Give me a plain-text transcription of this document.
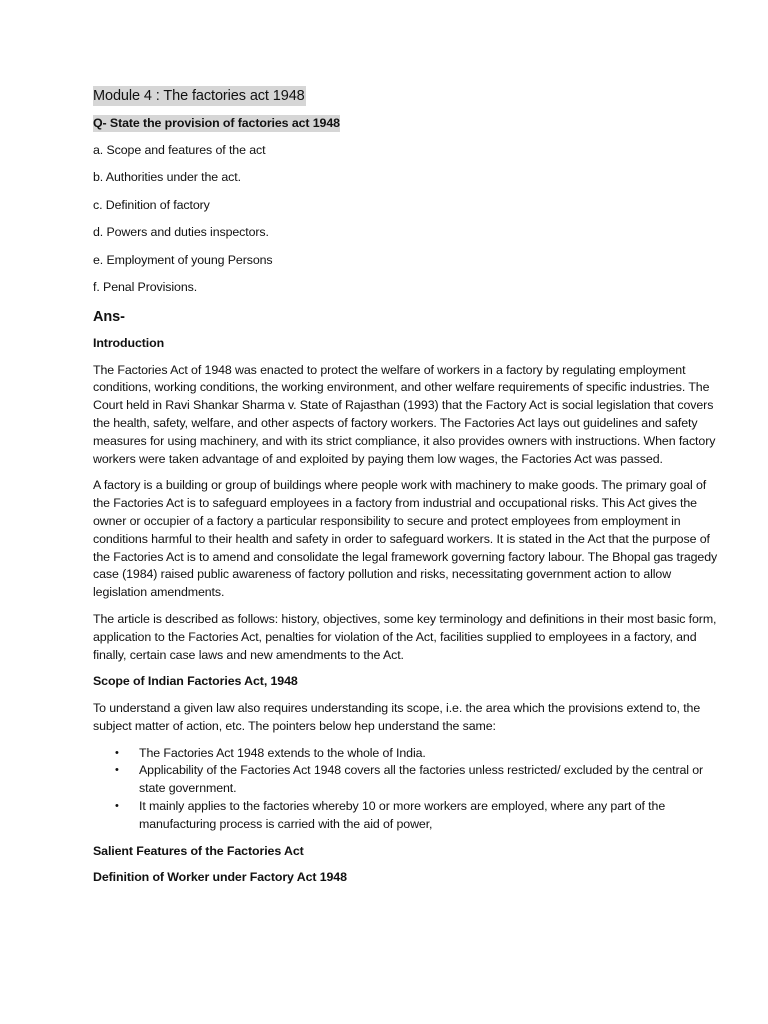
Module 4 : The factories act 1948
Q- State the provision of factories act 1948

a. Scope and features of the act

b. Authorities under the act.

c. Definition of factory

d. Powers and duties inspectors.

e. Employment of young Persons

f. Penal Provisions.

Ans-
Introduction

The Factories Act of 1948 was enacted to protect the welfare of workers in a factory by regulating employment conditions, working conditions, the working environment, and other welfare requirements of specific industries. The Court held in Ravi Shankar Sharma v. State of Rajasthan (1993) that the Factory Act is social legislation that covers the health, safety, welfare, and other aspects of factory workers. The Factories Act lays out guidelines and safety measures for using machinery, and with its strict compliance, it also provides owners with instructions. When factory workers were taken advantage of and exploited by paying them low wages, the Factories Act was passed.

A factory is a building or group of buildings where people work with machinery to make goods. The primary goal of the Factories Act is to safeguard employees in a factory from industrial and occupational risks. This Act gives the owner or occupier of a factory a particular responsibility to secure and protect employees from employment in conditions harmful to their health and safety in order to safeguard workers. It is stated in the Act that the purpose of the Factories Act is to amend and consolidate the legal framework governing factory labour. The Bhopal gas tragedy case (1984) raised public awareness of factory pollution and risks, necessitating government action to allow legislation amendments.

The article is described as follows: history, objectives, some key terminology and definitions in their most basic form, application to the Factories Act, penalties for violation of the Act, facilities supplied to employees in a factory, and finally, certain case laws and new amendments to the Act.

Scope of Indian Factories Act, 1948

To understand a given law also requires understanding its scope, i.e. the area which the provisions extend to, the subject matter of action, etc. The pointers below hep understand the same:

• The Factories Act 1948 extends to the whole of India.
• Applicability of the Factories Act 1948 covers all the factories unless restricted/ excluded by the central or state government.
• It mainly applies to the factories whereby 10 or more workers are employed, where any part of the manufacturing process is carried with the aid of power,
Salient Features of the Factories Act
Definition of Worker under Factory Act 1948
